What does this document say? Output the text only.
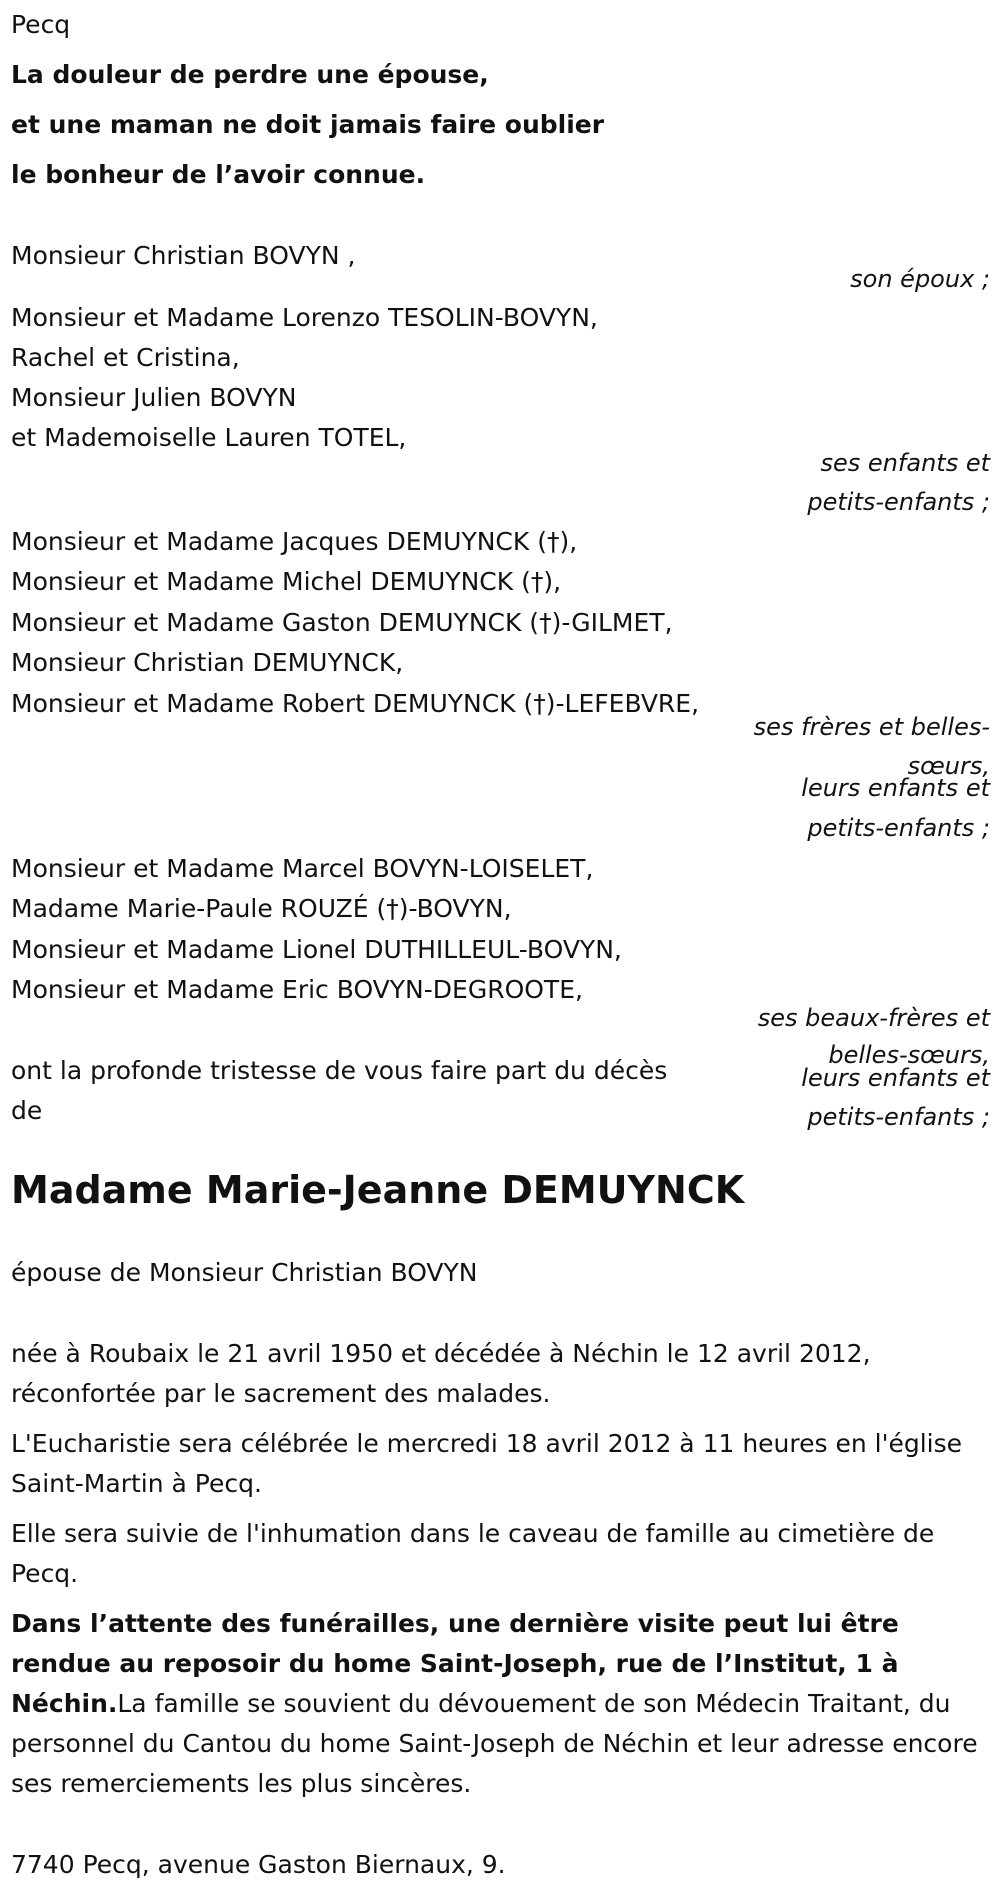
Pecq

La douleur de perdre une épouse,

et une maman ne doit jamais faire oublier

le bonheur de l’avoir connue.

Monsieur Christian BOVYN ,

son époux ;

Monsieur et Madame Lorenzo TESOLIN-BOVYN,

Rachel et Cristina,

Monsieur Julien BOVYN

et Mademoiselle Lauren TOTEL,

ses enfants et

petits-enfants ;

Monsieur et Madame Jacques DEMUYNCK (†),

Monsieur et Madame Michel DEMUYNCK (†),

Monsieur et Madame Gaston DEMUYNCK (†)-GILMET,

Monsieur Christian DEMUYNCK,

Monsieur et Madame Robert DEMUYNCK (†)-LEFEBVRE,

ses frères et belles-

sœurs,

leurs enfants et

petits-enfants ;

Monsieur et Madame Marcel BOVYN-LOISELET,

Madame Marie-Paule ROUZÉ (†)-BOVYN,

Monsieur et Madame Lionel DUTHILLEUL-BOVYN,

Monsieur et Madame Eric BOVYN-DEGROOTE,

ses beaux-frères et

belles-sœurs,

leurs enfants et

petits-enfants ;

ont la profonde tristesse de vous faire part du décès

de

Madame Marie-Jeanne DEMUYNCK

épouse de Monsieur Christian BOVYN

née à Roubaix le 21 avril 1950 et décédée à Néchin le 12 avril 2012, réconfortée par le sacrement des malades.

L'Eucharistie sera célébrée le mercredi 18 avril 2012 à 11 heures en l'église Saint-Martin à Pecq.

Elle sera suivie de l'inhumation dans le caveau de famille au cimetière de Pecq.

Dans l’attente des funérailles, une dernière visite peut lui être rendue au reposoir du home Saint-Joseph, rue de l’Institut, 1 à Néchin.La famille se souvient du dévouement de son Médecin Traitant, du personnel du Cantou du home Saint-Joseph de Néchin et leur adresse encore ses remerciements les plus sincères.

7740 Pecq, avenue Gaston Biernaux, 9.
